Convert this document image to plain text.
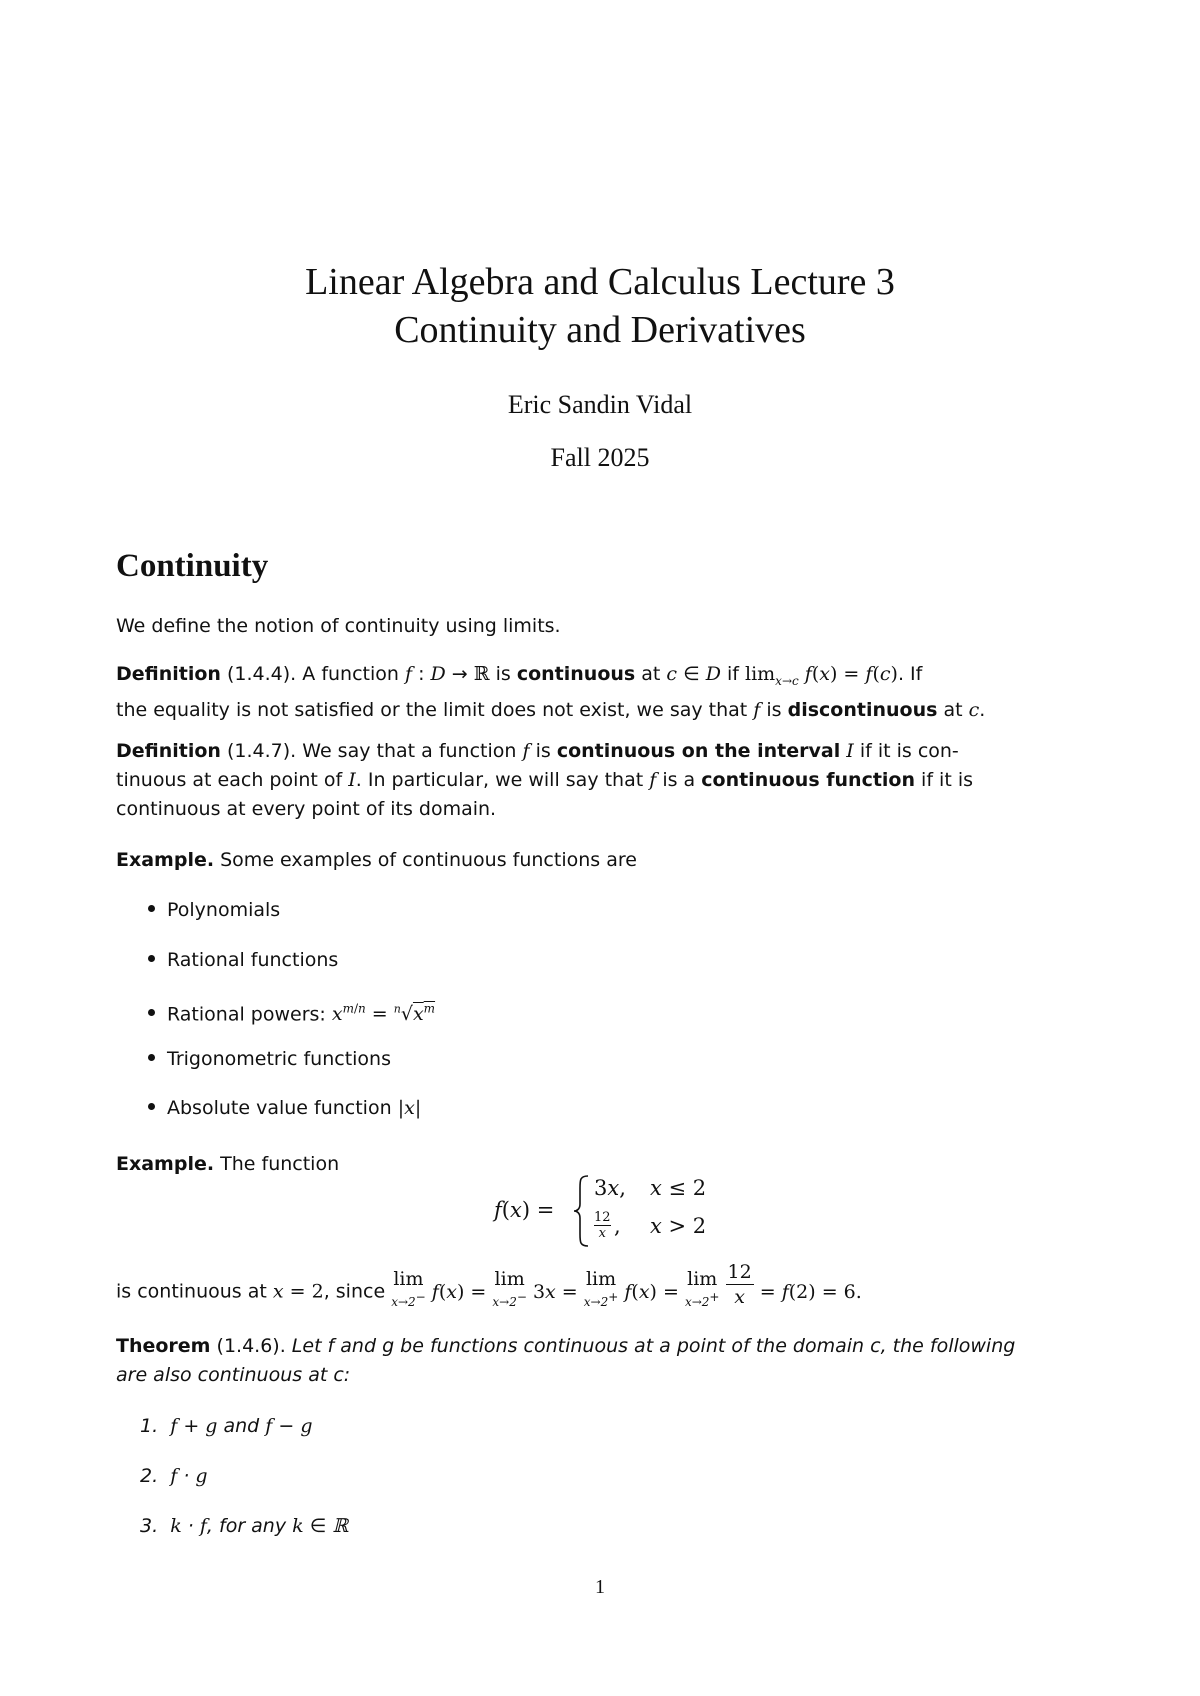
Linear Algebra and Calculus Lecture 3
Continuity and Derivatives
Eric Sandin Vidal
Fall 2025
Continuity

We define the notion of continuity using limits.

Definition (1.4.4). A function f : D → ℝ is continuous at c ∈ D if $\lim_{x\to c} f(x) = f(c)$. If
the equality is not satisfied or the limit does not exist, we say that f is discontinuous at c.

Definition (1.4.7). We say that a function f is continuous on the interval I if it is con-
tinuous at each point of I. In particular, we will say that f is a continuous function if it is
continuous at every point of its domain.

Example. Some examples of continuous functions are

Polynomials
Rational functions
Rational powers: $x^{m/n} = ^n√x^m$
Trigonometric functions
Absolute value function |x|

Example. The function

f(x) =
3x, x ≤ 2
12
x , x > 2

is continuous at x = 2, since lim
x→2− f(x) = lim
x→2− 3x = lim
x→2+ f(x) = lim
x→2+
$\frac{12}{x} = f(2) = 6$.

Theorem (1.4.6). Let f and g be functions continuous at a point of the domain c, the following
are also continuous at c:

1. f + g and f − g
2. f · g
3. k · f, for any k ∈ ℝ
1
